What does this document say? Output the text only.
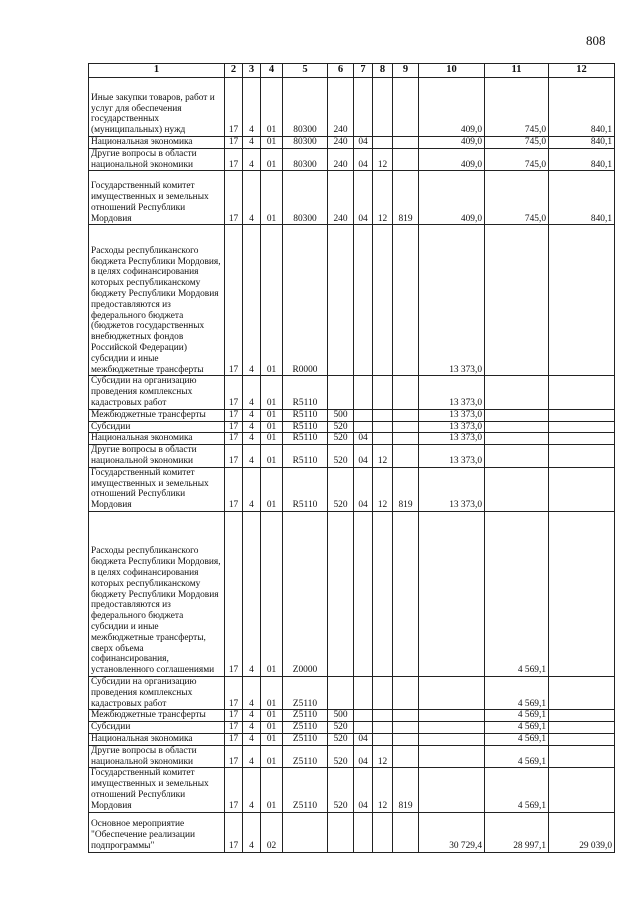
808
1	2	3	4	5	6	7	8	9	10	11	12
Иные закупки товаров, работ и услуг для обеспечения государственных (муниципальных) нужд	17	4	01	80300	240				409,0	745,0	840,1
Национальная экономика	17	4	01	80300	240	04			409,0	745,0	840,1
Другие вопросы в области национальной экономики	17	4	01	80300	240	04	12		409,0	745,0	840,1
Государственный комитет имущественных и земельных отношений Республики Мордовия	17	4	01	80300	240	04	12	819	409,0	745,0	840,1
Расходы республиканского бюджета Республики Мордовия, в целях софинансирования которых республиканскому бюджету Республики Мордовия предоставляются из федерального бюджета (бюджетов государственных внебюджетных фондов Российской Федерации) субсидии и иные межбюджетные трансферты	17	4	01	R0000					13 373,0		
Субсидии на организацию проведения комплексных кадастровых работ	17	4	01	R5110					13 373,0		
Межбюджетные трансферты	17	4	01	R5110	500				13 373,0		
Субсидии	17	4	01	R5110	520				13 373,0		
Национальная экономика	17	4	01	R5110	520	04			13 373,0		
Другие вопросы в области национальной экономики	17	4	01	R5110	520	04	12		13 373,0		
Государственный комитет имущественных и земельных отношений Республики Мордовия	17	4	01	R5110	520	04	12	819	13 373,0		
Расходы республиканского бюджета Республики Мордовия, в целях софинансирования которых республиканскому бюджету Республики Мордовия предоставляются из федерального бюджета субсидии и иные межбюджетные трансферты, сверх объема софинансирования, установленного соглашениями	17	4	01	Z0000						4 569,1	
Субсидии на организацию проведения комплексных кадастровых работ	17	4	01	Z5110						4 569,1	
Межбюджетные трансферты	17	4	01	Z5110	500					4 569,1	
Субсидии	17	4	01	Z5110	520					4 569,1	
Национальная экономика	17	4	01	Z5110	520	04				4 569,1	
Другие вопросы в области национальной экономики	17	4	01	Z5110	520	04	12			4 569,1	
Государственный комитет имущественных и земельных отношений Республики Мордовия	17	4	01	Z5110	520	04	12	819		4 569,1	
Основное мероприятие "Обеспечение реализации подпрограммы"	17	4	02						30 729,4	28 997,1	29 039,0
